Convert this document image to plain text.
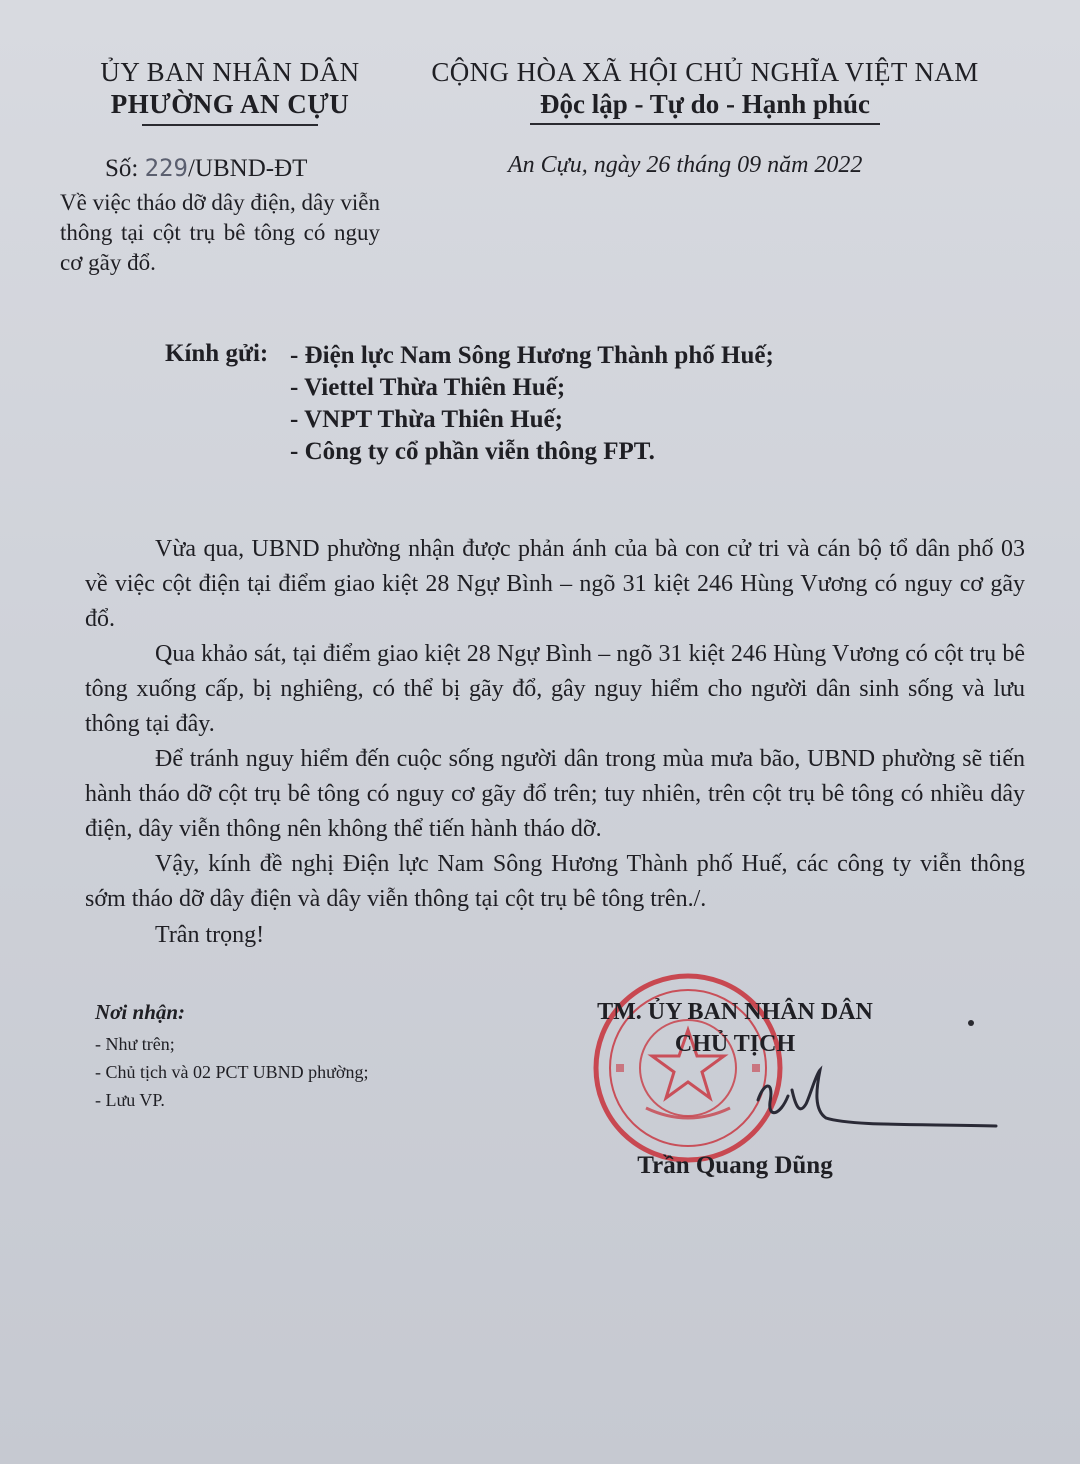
ỦY BAN NHÂN DÂN
PHƯỜNG AN CỰU
CỘNG HÒA XÃ HỘI CHỦ NGHĨA VIỆT NAM
Độc lập - Tự do - Hạnh phúc
Số: 229/UBND-ĐT
Về việc tháo dỡ dây điện, dây viễn thông tại cột trụ bê tông có nguy cơ gãy đổ.
An Cựu, ngày 26 tháng 09 năm 2022
Kính gửi: - Điện lực Nam Sông Hương Thành phố Huế;
- Viettel Thừa Thiên Huế;
- VNPT Thừa Thiên Huế;
- Công ty cổ phần viễn thông FPT.

Vừa qua, UBND phường nhận được phản ánh của bà con cử tri và cán bộ tổ dân phố 03 về việc cột điện tại điểm giao kiệt 28 Ngự Bình – ngõ 31 kiệt 246 Hùng Vương có nguy cơ gãy đổ.

Qua khảo sát, tại điểm giao kiệt 28 Ngự Bình – ngõ 31 kiệt 246 Hùng Vương có cột trụ bê tông xuống cấp, bị nghiêng, có thể bị gãy đổ, gây nguy hiểm cho người dân sinh sống và lưu thông tại đây.

Để tránh nguy hiểm đến cuộc sống người dân trong mùa mưa bão, UBND phường sẽ tiến hành tháo dỡ cột trụ bê tông có nguy cơ gãy đổ trên; tuy nhiên, trên cột trụ bê tông có nhiều dây điện, dây viễn thông nên không thể tiến hành tháo dỡ.

Vậy, kính đề nghị Điện lực Nam Sông Hương Thành phố Huế, các công ty viễn thông sớm tháo dỡ dây điện và dây viễn thông tại cột trụ bê tông trên./.

Trân trọng!
Nơi nhận:
- Như trên;
- Chủ tịch và 02 PCT UBND phường;
- Lưu VP.
TM. ỦY BAN NHÂN DÂN
CHỦ TỊCH
Trần Quang Dũng
